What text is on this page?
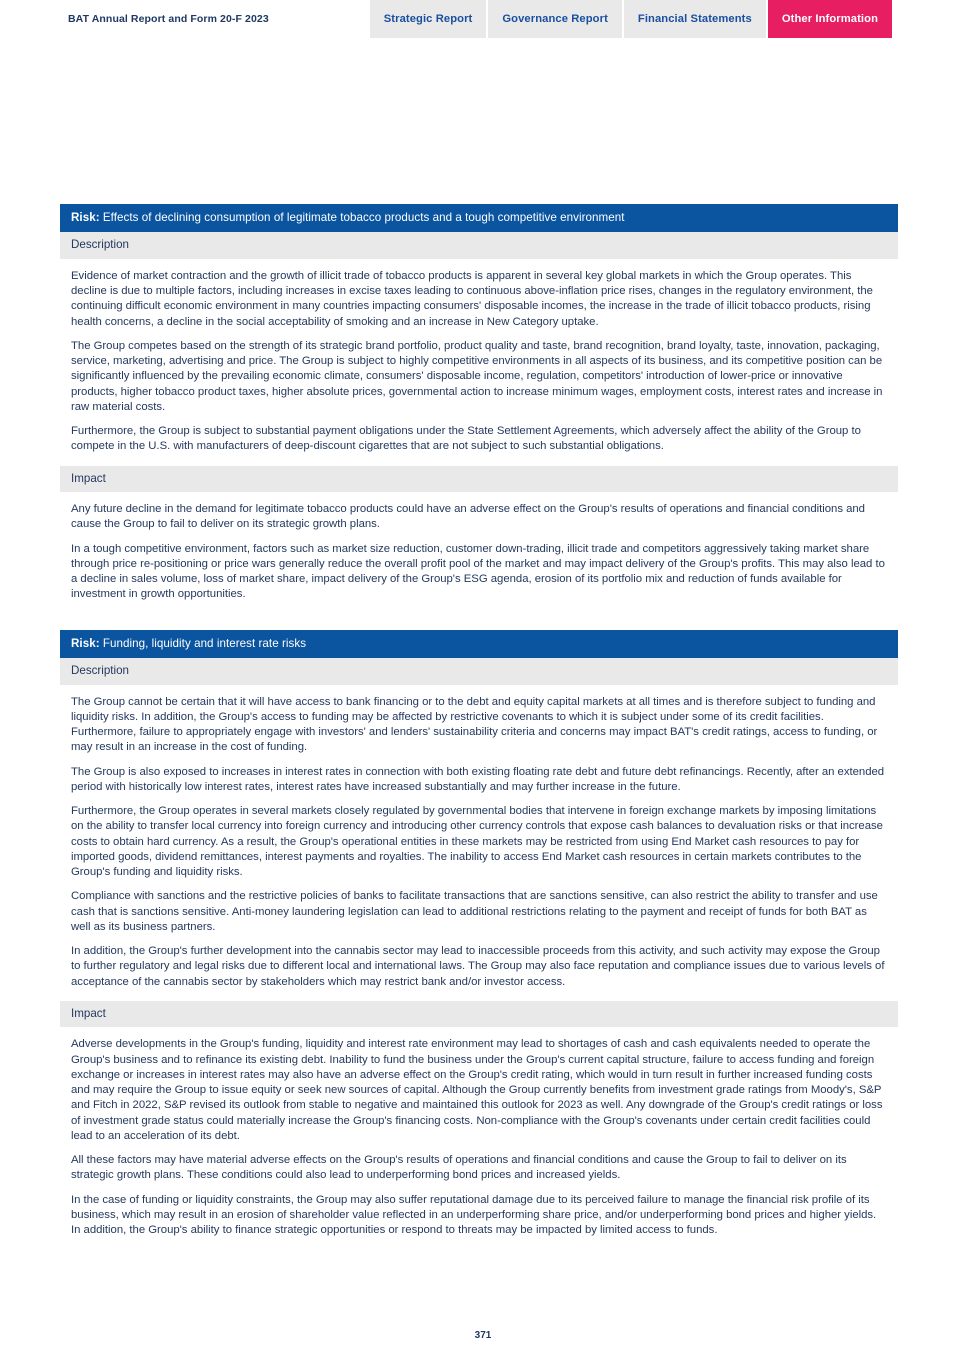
BAT Annual Report and Form 20-F 2023	Strategic Report	Governance Report	Financial Statements	Other Information
Risk: Effects of declining consumption of legitimate tobacco products and a tough competitive environment
Description

Evidence of market contraction and the growth of illicit trade of tobacco products is apparent in several key global markets in which the Group operates. This decline is due to multiple factors, including increases in excise taxes leading to continuous above-inflation price rises, changes in the regulatory environment, the continuing difficult economic environment in many countries impacting consumers' disposable incomes, the increase in the trade of illicit tobacco products, rising health concerns, a decline in the social acceptability of smoking and an increase in New Category uptake.

The Group competes based on the strength of its strategic brand portfolio, product quality and taste, brand recognition, brand loyalty, taste, innovation, packaging, service, marketing, advertising and price. The Group is subject to highly competitive environments in all aspects of its business, and its competitive position can be significantly influenced by the prevailing economic climate, consumers' disposable income, regulation, competitors' introduction of lower-price or innovative products, higher tobacco product taxes, higher absolute prices, governmental action to increase minimum wages, employment costs, interest rates and increase in raw material costs.

Furthermore, the Group is subject to substantial payment obligations under the State Settlement Agreements, which adversely affect the ability of the Group to compete in the U.S. with manufacturers of deep-discount cigarettes that are not subject to such substantial obligations.

Impact

Any future decline in the demand for legitimate tobacco products could have an adverse effect on the Group's results of operations and financial conditions and cause the Group to fail to deliver on its strategic growth plans.

In a tough competitive environment, factors such as market size reduction, customer down-trading, illicit trade and competitors aggressively taking market share through price re-positioning or price wars generally reduce the overall profit pool of the market and may impact delivery of the Group's profits. This may also lead to a decline in sales volume, loss of market share, impact delivery of the Group's ESG agenda, erosion of its portfolio mix and reduction of funds available for investment in growth opportunities.

Risk: Funding, liquidity and interest rate risks
Description

The Group cannot be certain that it will have access to bank financing or to the debt and equity capital markets at all times and is therefore subject to funding and liquidity risks. In addition, the Group's access to funding may be affected by restrictive covenants to which it is subject under some of its credit facilities. Furthermore, failure to appropriately engage with investors' and lenders' sustainability criteria and concerns may impact BAT's credit ratings, access to funding, or may result in an increase in the cost of funding.

The Group is also exposed to increases in interest rates in connection with both existing floating rate debt and future debt refinancings. Recently, after an extended period with historically low interest rates, interest rates have increased substantially and may further increase in the future.

Furthermore, the Group operates in several markets closely regulated by governmental bodies that intervene in foreign exchange markets by imposing limitations on the ability to transfer local currency into foreign currency and introducing other currency controls that expose cash balances to devaluation risks or that increase costs to obtain hard currency. As a result, the Group's operational entities in these markets may be restricted from using End Market cash resources to pay for imported goods, dividend remittances, interest payments and royalties. The inability to access End Market cash resources in certain markets contributes to the Group's funding and liquidity risks.

Compliance with sanctions and the restrictive policies of banks to facilitate transactions that are sanctions sensitive, can also restrict the ability to transfer and use cash that is sanctions sensitive. Anti-money laundering legislation can lead to additional restrictions relating to the payment and receipt of funds for both BAT as well as its business partners.

In addition, the Group's further development into the cannabis sector may lead to inaccessible proceeds from this activity, and such activity may expose the Group to further regulatory and legal risks due to different local and international laws. The Group may also face reputation and compliance issues due to various levels of acceptance of the cannabis sector by stakeholders which may restrict bank and/or investor access.

Impact

Adverse developments in the Group's funding, liquidity and interest rate environment may lead to shortages of cash and cash equivalents needed to operate the Group's business and to refinance its existing debt. Inability to fund the business under the Group's current capital structure, failure to access funding and foreign exchange or increases in interest rates may also have an adverse effect on the Group's credit rating, which would in turn result in further increased funding costs and may require the Group to issue equity or seek new sources of capital. Although the Group currently benefits from investment grade ratings from Moody's, S&P and Fitch in 2022, S&P revised its outlook from stable to negative and maintained this outlook for 2023 as well. Any downgrade of the Group's credit ratings or loss of investment grade status could materially increase the Group's financing costs. Non-compliance with the Group's covenants under certain credit facilities could lead to an acceleration of its debt.

All these factors may have material adverse effects on the Group's results of operations and financial conditions and cause the Group to fail to deliver on its strategic growth plans. These conditions could also lead to underperforming bond prices and increased yields.

In the case of funding or liquidity constraints, the Group may also suffer reputational damage due to its perceived failure to manage the financial risk profile of its business, which may result in an erosion of shareholder value reflected in an underperforming share price, and/or underperforming bond prices and higher yields. In addition, the Group's ability to finance strategic opportunities or respond to threats may be impacted by limited access to funds.

371
